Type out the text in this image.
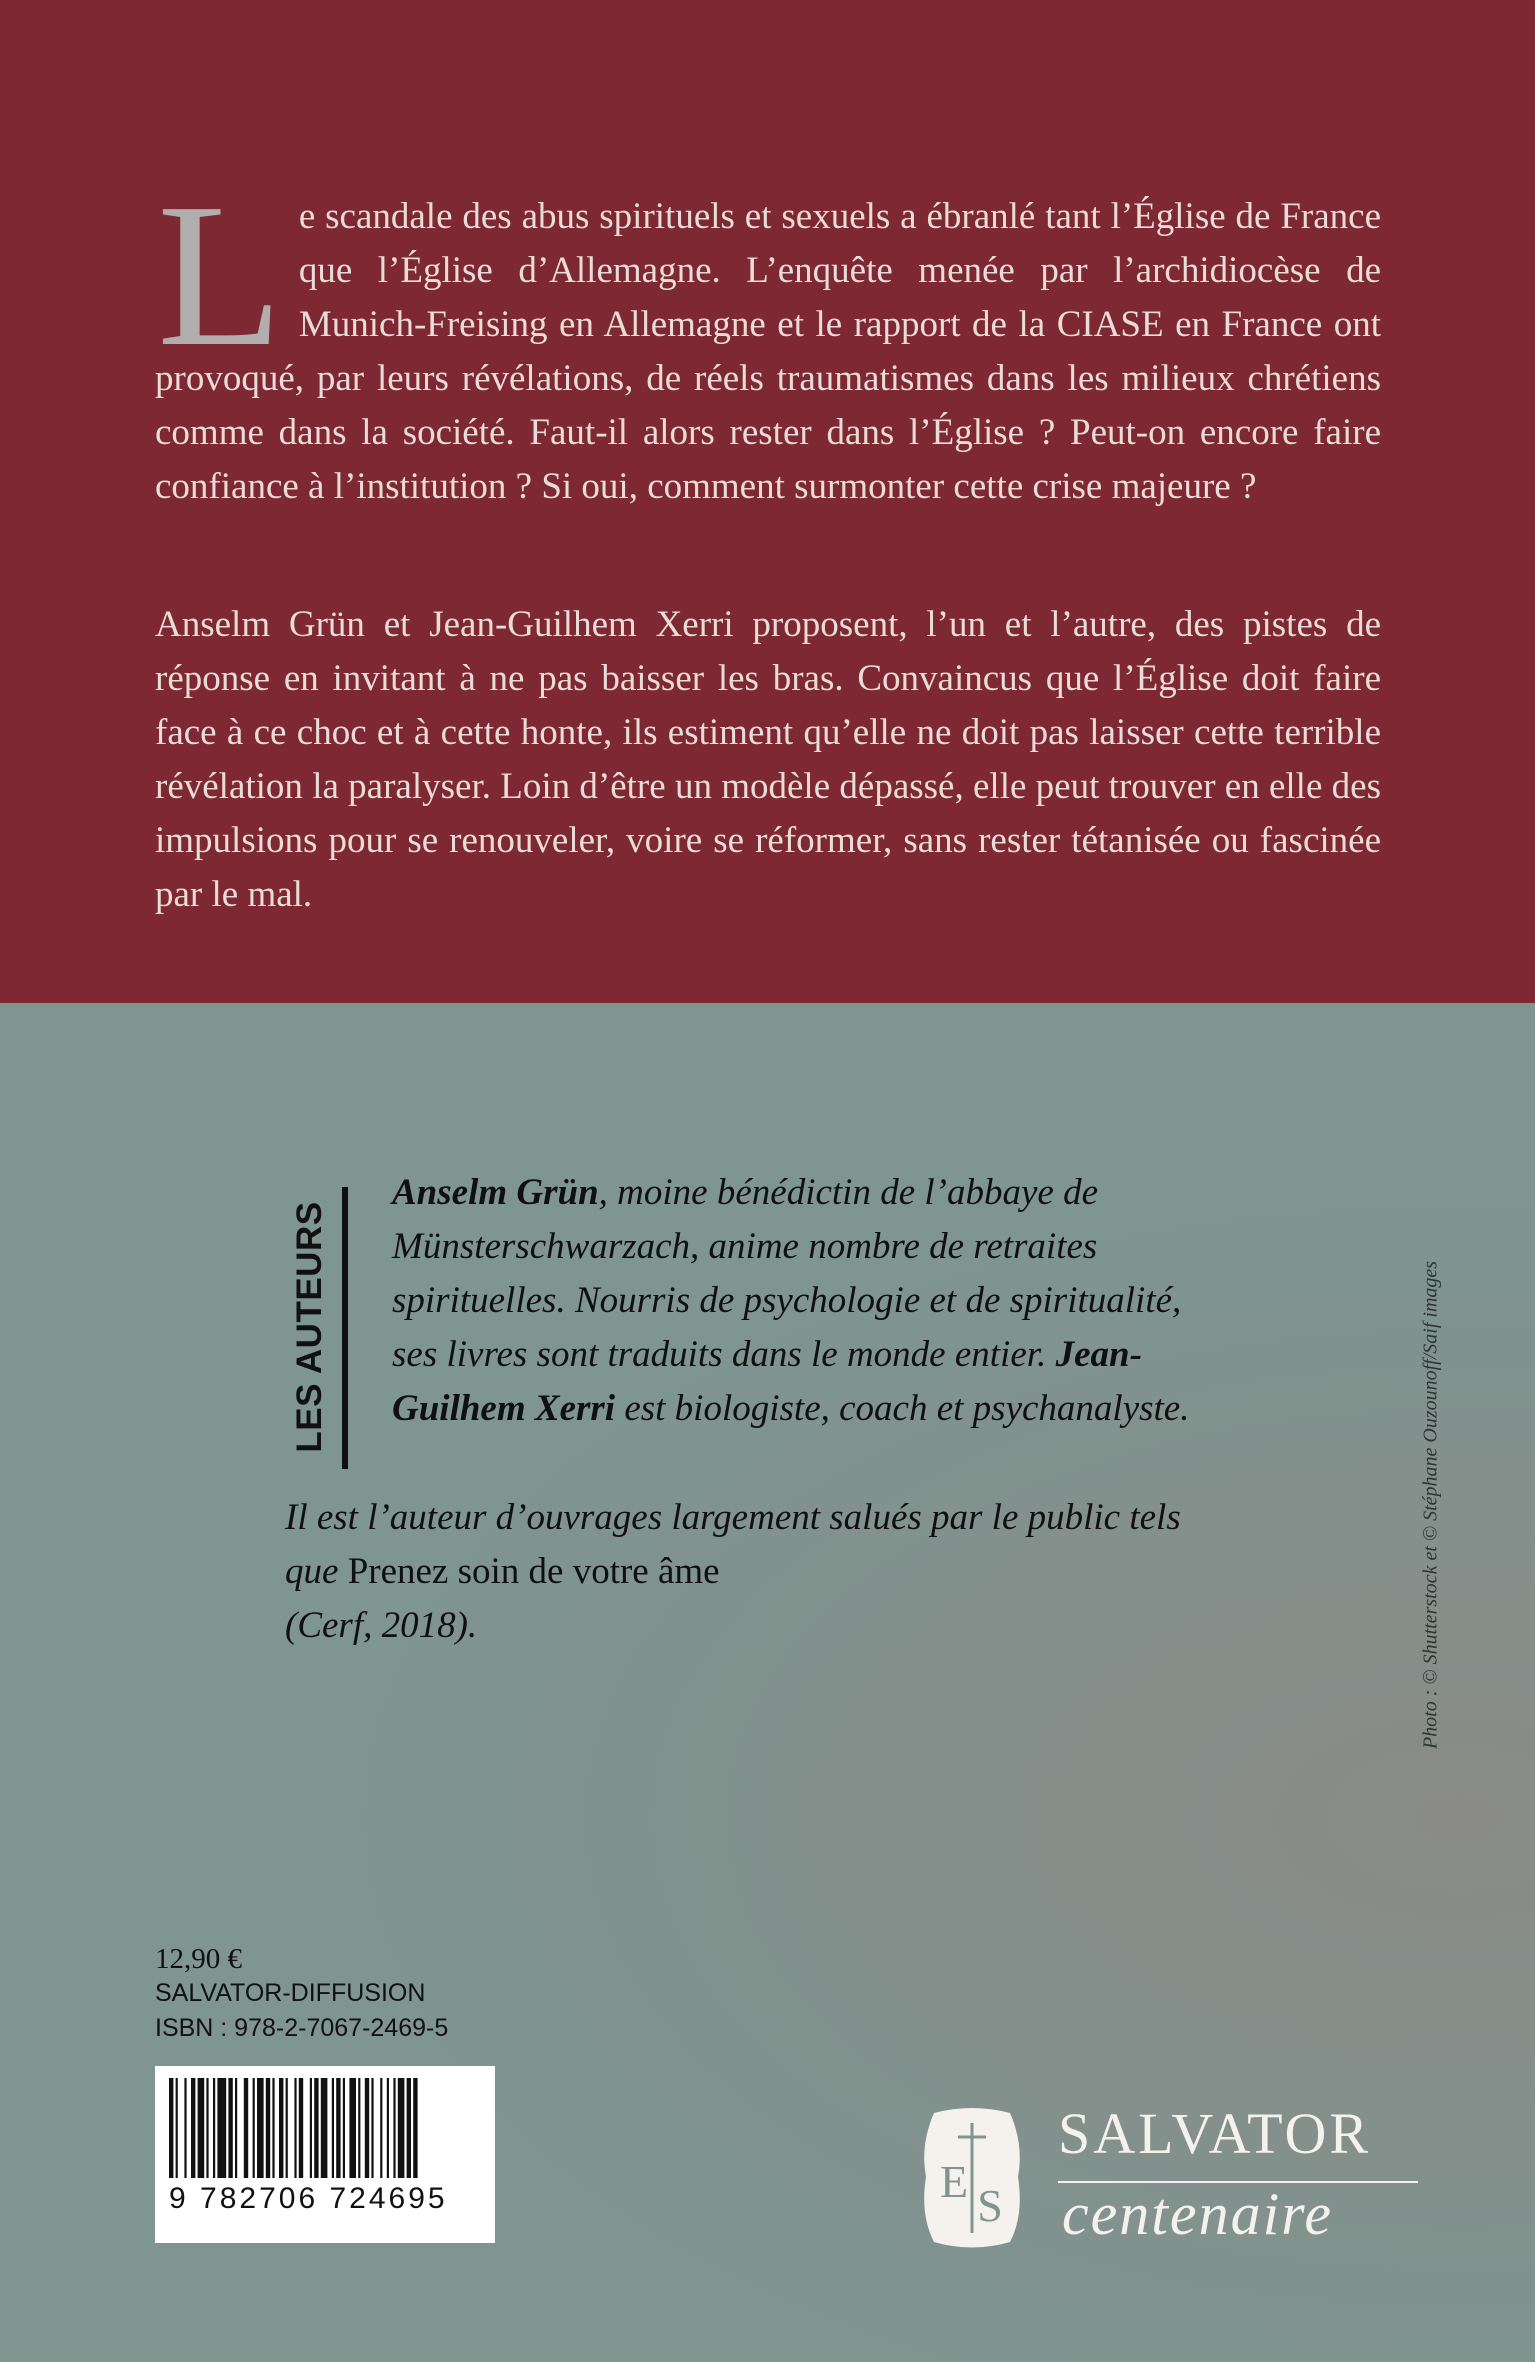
Le scandale des abus spirituels et sexuels a ébranlé tant l’Église de France que l’Église d’Allemagne. L’enquête menée par l’archidiocèse de Munich-Freising en Allemagne et le rapport de la CIASE en France ont provoqué, par leurs révélations, de réels traumatismes dans les milieux chrétiens comme dans la société. Faut-il alors rester dans l’Église ? Peut-on encore faire confiance à l’institution ? Si oui, comment surmonter cette crise majeure ?

Anselm Grün et Jean-Guilhem Xerri proposent, l’un et l’autre, des pistes de réponse en invitant à ne pas baisser les bras. Convaincus que l’Église doit faire face à ce choc et à cette honte, ils estiment qu’elle ne doit pas laisser cette terrible révélation la paralyser. Loin d’être un modèle dépassé, elle peut trouver en elle des impulsions pour se renouveler, voire se réformer, sans rester tétanisée ou fascinée par le mal.

LES AUTEURS

Anselm Grün, moine bénédictin de l’abbaye de Münsterschwarzach, anime nombre de retraites spirituelles. Nourris de psychologie et de spiritualité, ses livres sont traduits dans le monde entier. Jean-Guilhem Xerri est biologiste, coach et psychanalyste.

Il est l’auteur d’ouvrages largement salués par le public tels que Prenez soin de votre âme
(Cerf, 2018).	Photo : © Shutterstock et © Stéphane Ouzounoff/Saif images
12,90 €
SALVATOR-DIFFUSION
ISBN : 978-2-7067-2469-5
9 782706 724695	E S
SALVATOR
centenaire
